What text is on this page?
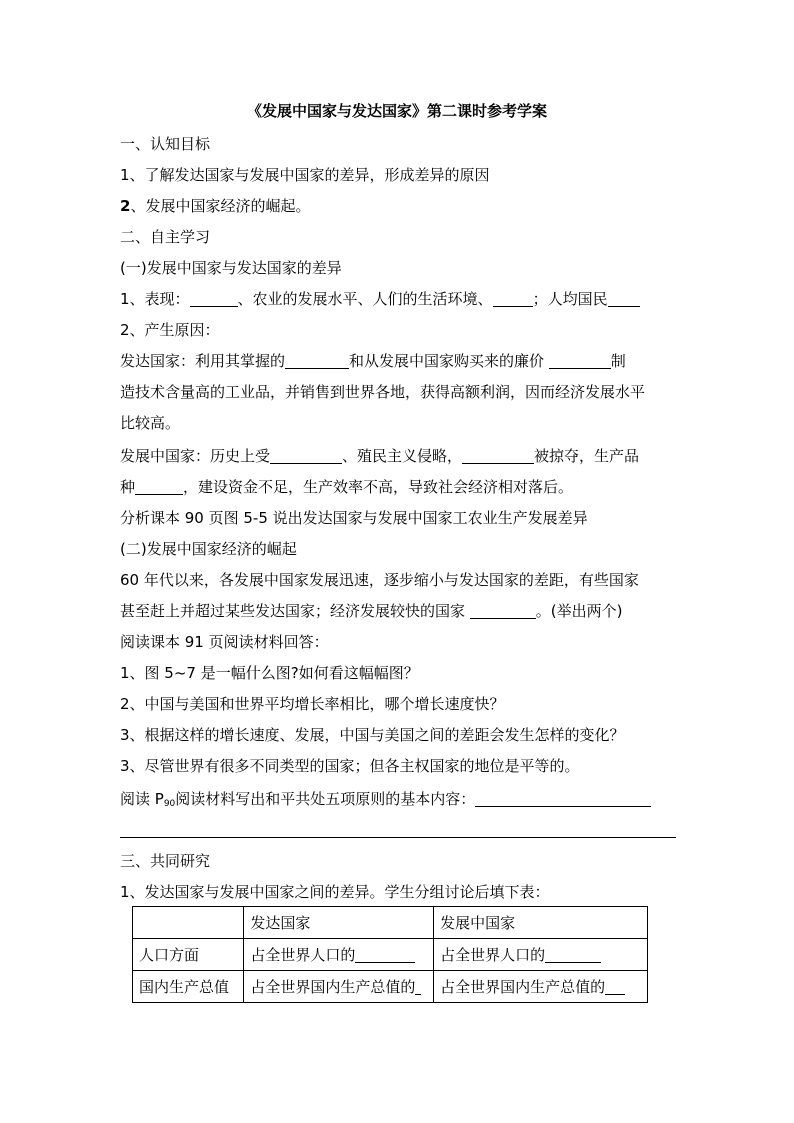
《发展中国家与发达国家》第二课时参考学案
一、认知目标
1、了解发达国家与发展中国家的差异，形成差异的原因
2、发展中国家经济的崛起。
二、自主学习
(一)发展中国家与发达国家的差异
1、表现：	、农业的发展水平、人们的生活环境、	；人均国民
2、产生原因：
发达国家：利用其掌握的	和从发展中国家购买来的廉价	制
造技术含量高的工业品，并销售到世界各地，获得高额利润，因而经济发展水平
比较高。
发展中国家：历史上受	、殖民主义侵略，	被掠夺，生产品
种	，建设资金不足，生产效率不高，导致社会经济相对落后。
分析课本 90 页图 5-5 说出发达国家与发展中国家工农业生产发展差异
(二)发展中国家经济的崛起
60 年代以来，各发展中国家发展迅速，逐步缩小与发达国家的差距，有些国家
甚至赶上并超过某些发达国家；经济发展较快的国家	。(举出两个)
阅读课本 91 页阅读材料回答：
1、图 5~7 是一幅什么图?如何看这幅幅图？
2、中国与美国和世界平均增长率相比，哪个增长速度快？
3、根据这样的增长速度、发展，中国与美国之间的差距会发生怎样的变化？
3、尽管世界有很多不同类型的国家；但各主权国家的地位是平等的。
阅读 $P_{90}$阅读材料写出和平共处五项原则的基本内容：
三、共同研究
1、发达国家与发展中国家之间的差异。学生分组讨论后填下表：
	发达国家	发展中国家
人口方面	占全世界人口的	占全世界人口的
国内生产总值	占全世界国内生产总值的	占全世界国内生产总值的
